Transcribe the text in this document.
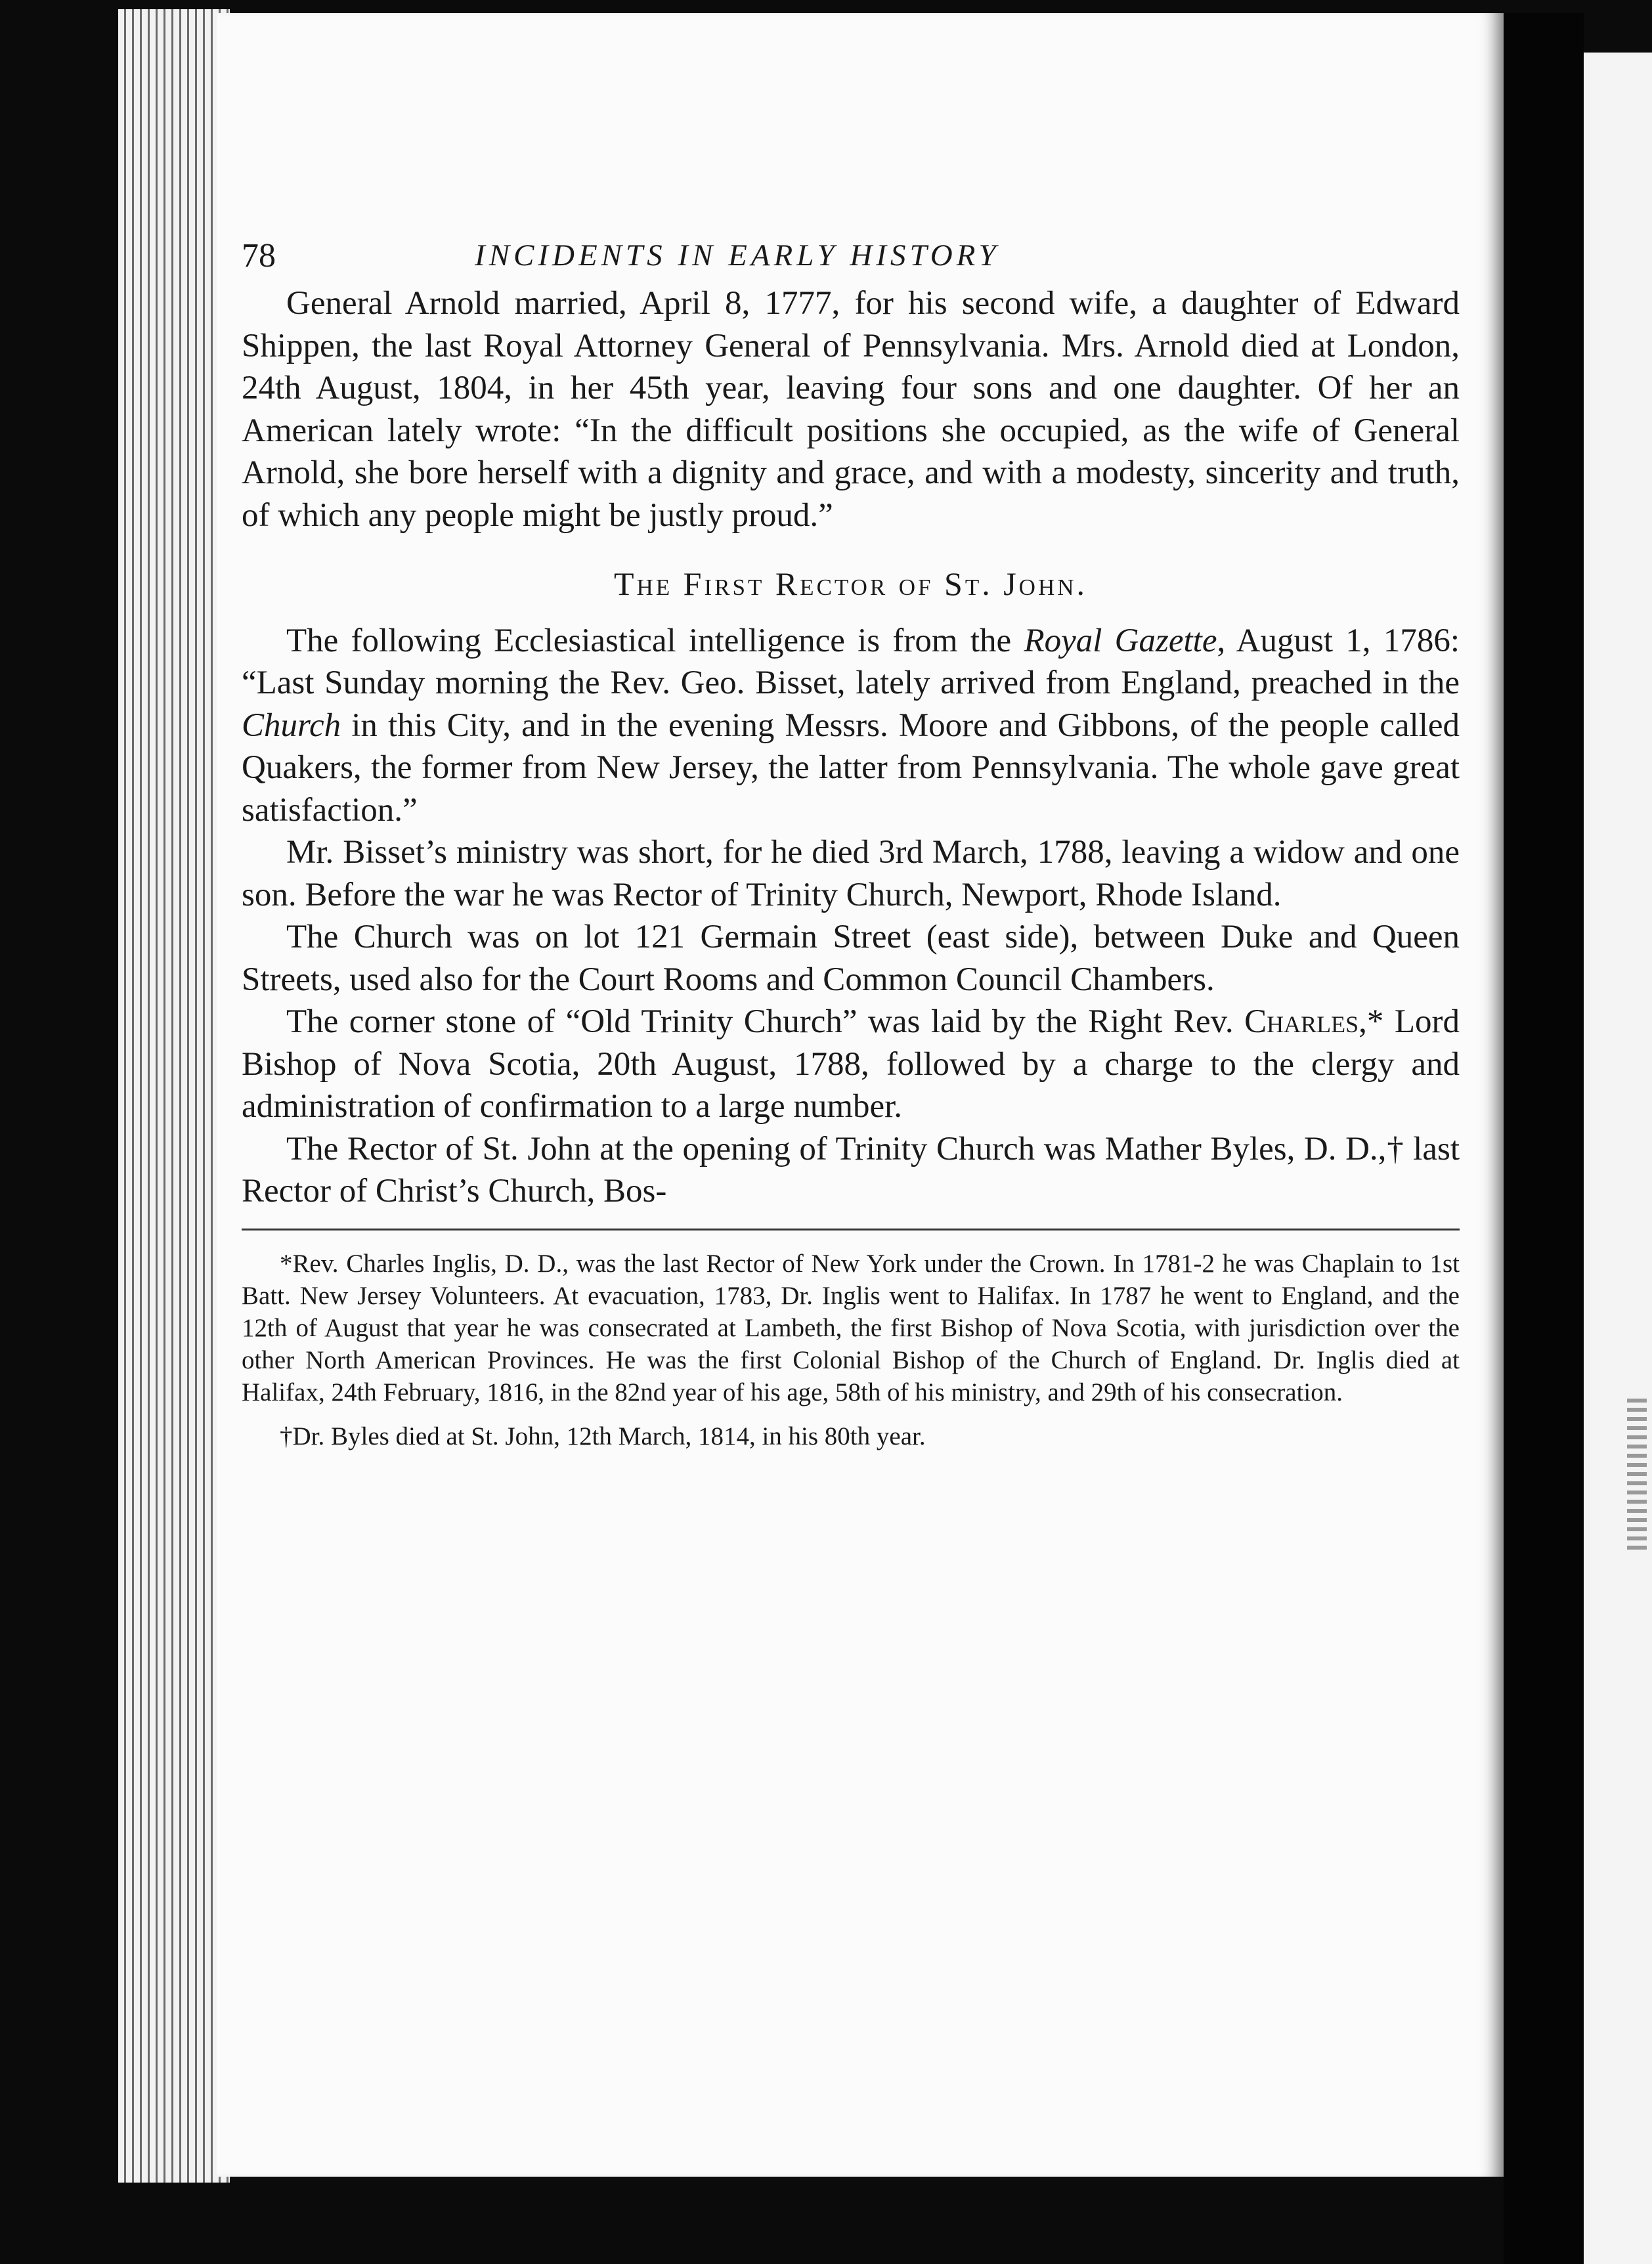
78	INCIDENTS IN EARLY HISTORY

General Arnold married, April 8, 1777, for his second wife, a daughter of Edward Shippen, the last Royal Attorney General of Pennsylvania. Mrs. Arnold died at London, 24th August, 1804, in her 45th year, leaving four sons and one daughter. Of her an American lately wrote: “In the difficult positions she occupied, as the wife of General Arnold, she bore herself with a dignity and grace, and with a modesty, sincerity and truth, of which any people might be justly proud.”

The First Rector of St. John.

The following Ecclesiastical intelligence is from the Royal Gazette, August 1, 1786: “Last Sunday morning the Rev. Geo. Bisset, lately arrived from England, preached in the Church in this City, and in the evening Messrs. Moore and Gibbons, of the people called Quakers, the former from New Jersey, the latter from Pennsylvania. The whole gave great satisfaction.”

Mr. Bisset’s ministry was short, for he died 3rd March, 1788, leaving a widow and one son. Before the war he was Rector of Trinity Church, Newport, Rhode Island.

The Church was on lot 121 Germain Street (east side), between Duke and Queen Streets, used also for the Court Rooms and Common Council Chambers.

The corner stone of “Old Trinity Church” was laid by the Right Rev. Charles,* Lord Bishop of Nova Scotia, 20th August, 1788, followed by a charge to the clergy and administration of confirmation to a large number.

The Rector of St. John at the opening of Trinity Church was Mather Byles, D. D.,† last Rector of Christ’s Church, Bos-

*Rev. Charles Inglis, D. D., was the last Rector of New York under the Crown. In 1781-2 he was Chaplain to 1st Batt. New Jersey Volunteers. At evacuation, 1783, Dr. Inglis went to Halifax. In 1787 he went to England, and the 12th of August that year he was consecrated at Lambeth, the first Bishop of Nova Scotia, with jurisdiction over the other North American Provinces. He was the first Colonial Bishop of the Church of England. Dr. Inglis died at Halifax, 24th February, 1816, in the 82nd year of his age, 58th of his ministry, and 29th of his consecration.

†Dr. Byles died at St. John, 12th March, 1814, in his 80th year.
